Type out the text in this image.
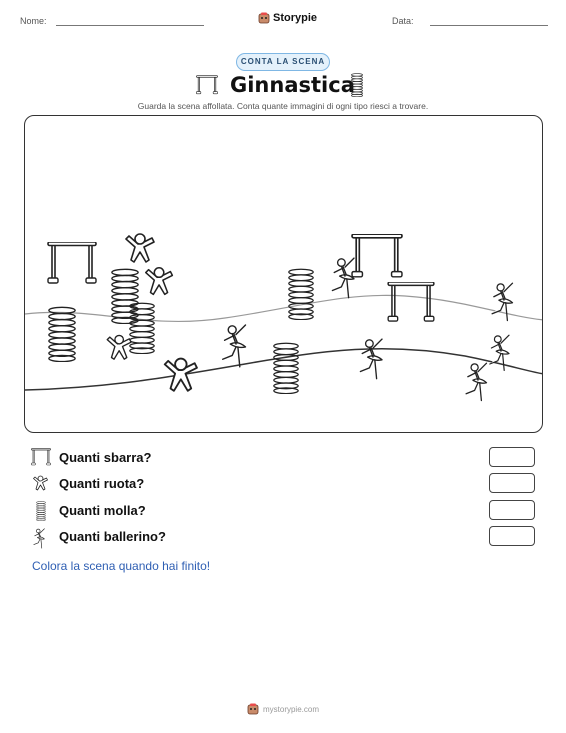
Nome:	Storypie	Data:
CONTA LA SCENA
Ginnastica
Guarda la scena affollata. Conta quante immagini di ogni tipo riesci a trovare.
Quanti sbarra?
Quanti ruota?
Quanti molla?
Quanti ballerino?
Colora la scena quando hai finito!
mystorypie.com
